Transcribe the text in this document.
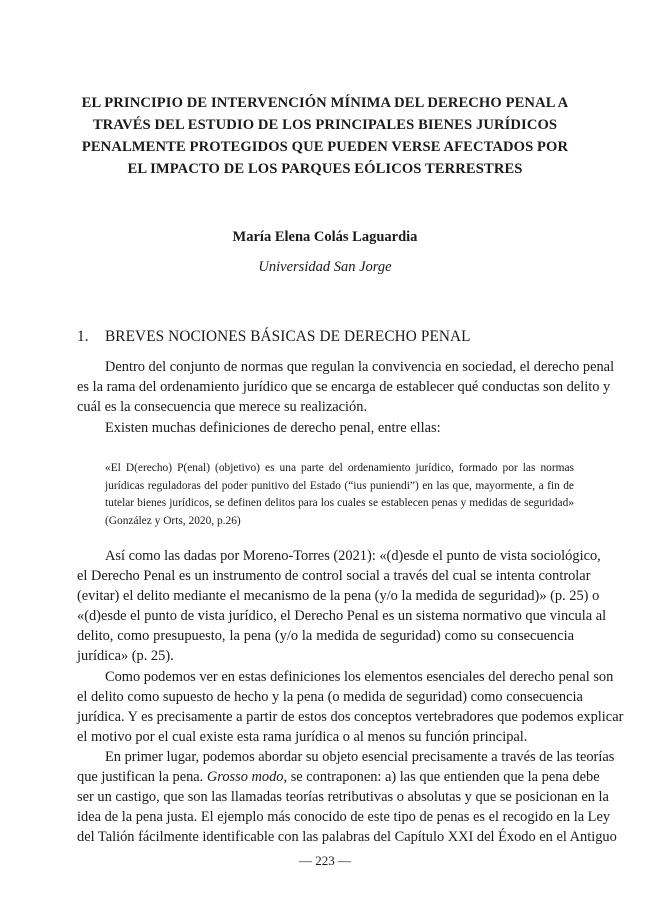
EL PRINCIPIO DE INTERVENCIÓN MÍNIMA DEL DERECHO PENAL A
TRAVÉS DEL ESTUDIO DE LOS PRINCIPALES BIENES JURÍDICOS
PENALMENTE PROTEGIDOS QUE PUEDEN VERSE AFECTADOS POR
EL IMPACTO DE LOS PARQUES EÓLICOS TERRESTRES
María Elena Colás Laguardia
Universidad San Jorge
1. BREVES NOCIONES BÁSICAS DE DERECHO PENAL

Dentro del conjunto de normas que regulan la convivencia en sociedad, el derecho penal
es la rama del ordenamiento jurídico que se encarga de establecer qué conductas son delito y
cuál es la consecuencia que merece su realización.

Existen muchas definiciones de derecho penal, entre ellas:

«El D(erecho) P(enal) (objetivo) es una parte del ordenamiento jurídico, formado por las normas
jurídicas reguladoras del poder punitivo del Estado (“ius puniendi”) en las que, mayormente, a fin de
tutelar bienes jurídicos, se definen delitos para los cuales se establecen penas y medidas de seguridad»
(González y Orts, 2020, p.26)

Así como las dadas por Moreno-Torres (2021): «(d)esde el punto de vista sociológico,
el Derecho Penal es un instrumento de control social a través del cual se intenta controlar
(evitar) el delito mediante el mecanismo de la pena (y/o la medida de seguridad)» (p. 25) o
«(d)esde el punto de vista jurídico, el Derecho Penal es un sistema normativo que vincula al
delito, como presupuesto, la pena (y/o la medida de seguridad) como su consecuencia
jurídica» (p. 25).

Como podemos ver en estas definiciones los elementos esenciales del derecho penal son
el delito como supuesto de hecho y la pena (o medida de seguridad) como consecuencia
jurídica. Y es precisamente a partir de estos dos conceptos vertebradores que podemos explicar
el motivo por el cual existe esta rama jurídica o al menos su función principal.

En primer lugar, podemos abordar su objeto esencial precisamente a través de las teorías
que justifican la pena. Grosso modo, se contraponen: a) las que entienden que la pena debe
ser un castigo, que son las llamadas teorías retributivas o absolutas y que se posicionan en la
idea de la pena justa. El ejemplo más conocido de este tipo de penas es el recogido en la Ley
del Talión fácilmente identificable con las palabras del Capítulo XXI del Éxodo en el Antiguo

— 223 —
